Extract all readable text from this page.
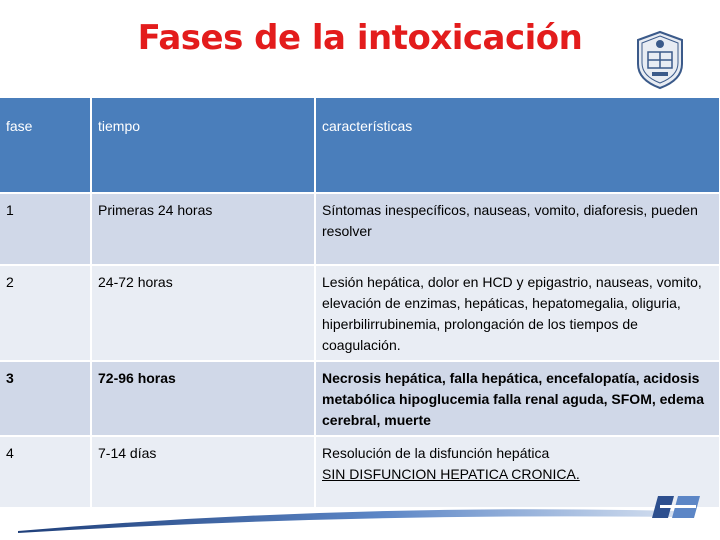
Fases de la intoxicación
fase	tiempo	características
1	Primeras 24 horas	Síntomas inespecíficos, nauseas, vomito, diaforesis, pueden resolver
2	24-72 horas	Lesión hepática, dolor en HCD y epigastrio, nauseas, vomito, elevación de enzimas, hepáticas, hepatomegalia, oliguria, hiperbilirrubinemia, prolongación de los tiempos de coagulación.
3	72-96 horas	Necrosis hepática, falla hepática, encefalopatía, acidosis metabólica hipoglucemia falla renal aguda, SFOM, edema cerebral, muerte
4	7-14 días	Resolución de la disfunción hepática
SIN DISFUNCION HEPATICA CRONICA.
